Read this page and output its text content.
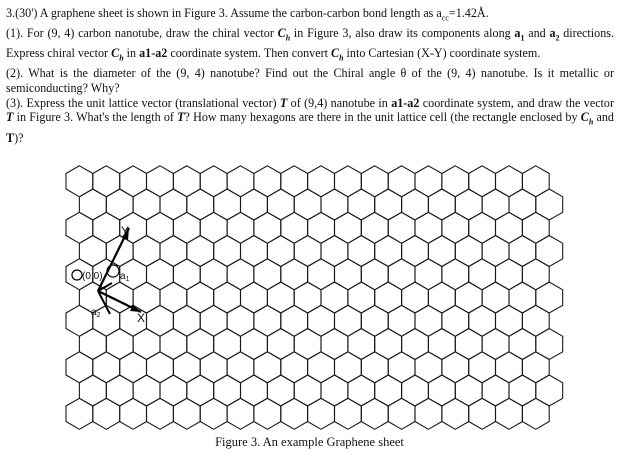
3.(30') A graphene sheet is shown in Figure 3. Assume the carbon-carbon bond length as $a_{cc}=1.42Å$.

(1). For (9, 4) carbon nanotube, draw the chiral vector $C_h$ in Figure 3, also draw its components along $a_1$ and $a_2$ directions. Express chiral vector $C_h$ in a1-a2 coordinate system. Then convert $C_h$ into Cartesian (X-Y) coordinate system.

(2). What is the diameter of the (9, 4) nanotube? Find out the Chiral angle θ of the (9, 4) nanotube. Is it metallic or semiconducting? Why?

(3). Express the unit lattice vector (translational vector) T of (9,4) nanotube in a1-a2 coordinate system, and draw the vector T in Figure 3. What's the length of T? How many hexagons are there in the unit lattice cell (the rectangle enclosed by $C_h$ and T)?

(0,0) $a_1$
$a_2$
Y
X
Figure 3. An example Graphene sheet
